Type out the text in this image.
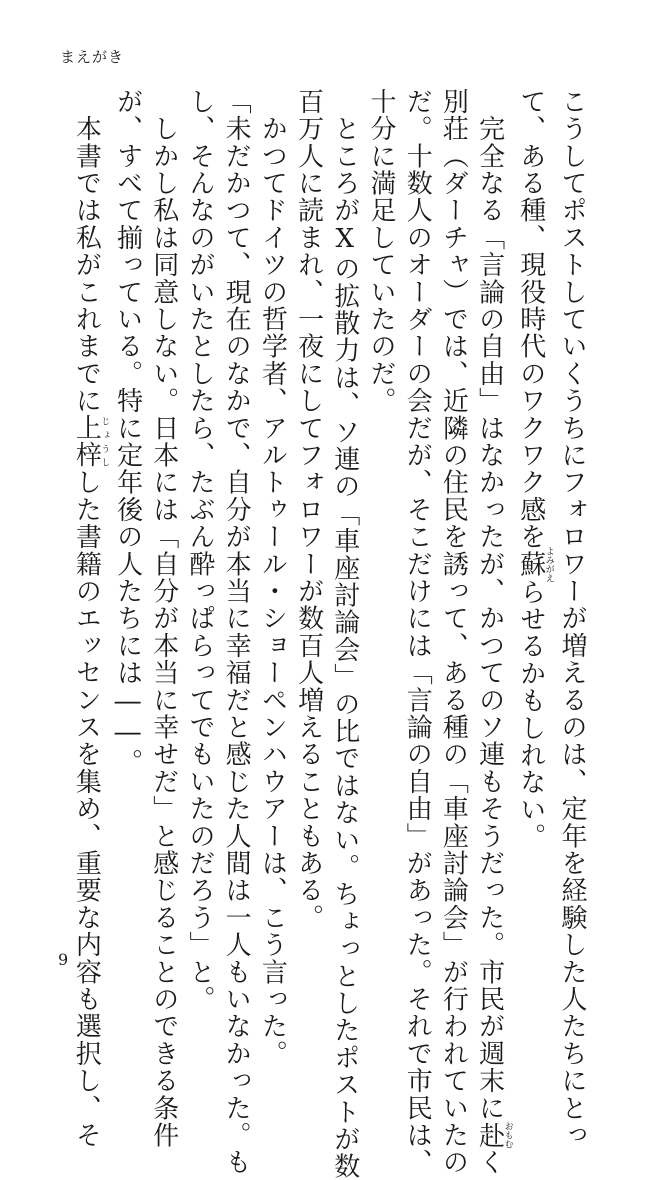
まえがき
こうしてポストしていくうちにフォロワーが増えるのは、定年を経験した人たちにとっ
て、ある種、現役時代のワクワク感を蘇よみがえらせるかもしれない。
完全なる「言論の自由」はなかったが、かつてのソ連もそうだった。市民が週末に赴おもむく
別荘（ダーチャ）では、近隣の住民を誘って、ある種の「車座討論会」が行われていたの
だ。十数人のオーダーの会だが、そこだけには「言論の自由」があった。それで市民は、
十分に満足していたのだ。
ところがXの拡散力は、ソ連の「車座討論会」の比ではない。ちょっとしたポストが数
百万人に読まれ、一夜にしてフォロワーが数百人増えることもある。
かつてドイツの哲学者、アルトゥール・ショーペンハウアーは、こう言った。
「未だかつて、現在のなかで、自分が本当に幸福だと感じた人間は一人もいなかった。も
し、そんなのがいたとしたら、たぶん酔っぱらってでもいたのだろう」と。
しかし私は同意しない。日本には「自分が本当に幸せだ」と感じることのできる条件
が、すべて揃っている。特に定年後の人たちには――。
本書では私がこれまでに上梓じょうしした書籍のエッセンスを集め、重要な内容も選択し、そ
9
